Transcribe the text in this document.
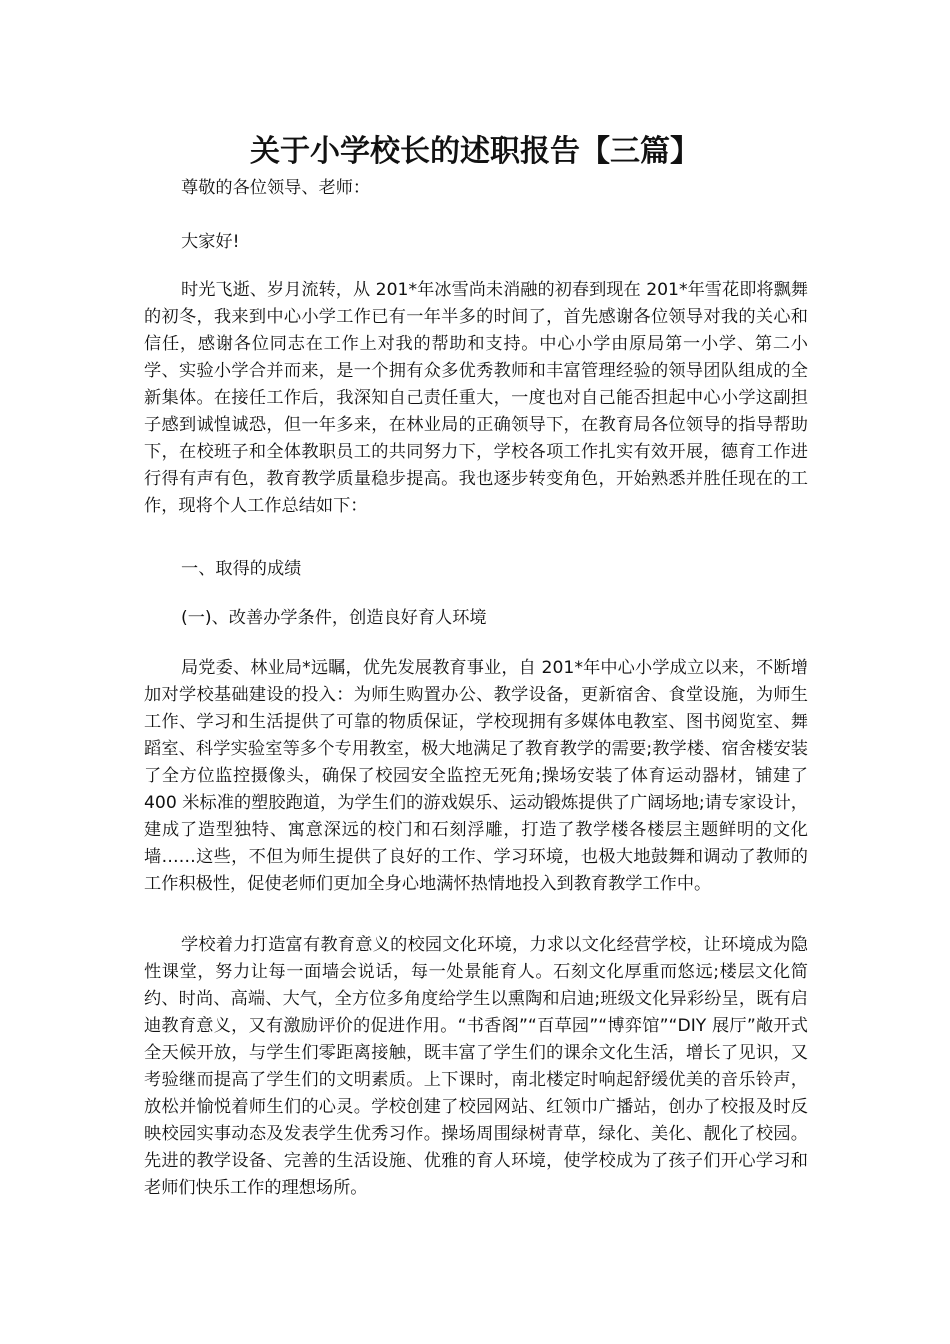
关于小学校长的述职报告【三篇】

尊敬的各位领导、老师：

大家好!

时光飞逝、岁月流转，从 201*年冰雪尚未消融的初春到现在 201*年雪花即将飘舞的初冬，我来到中心小学工作已有一年半多的时间了，首先感谢各位领导对我的关心和信任，感谢各位同志在工作上对我的帮助和支持。中心小学由原局第一小学、第二小学、实验小学合并而来，是一个拥有众多优秀教师和丰富管理经验的领导团队组成的全新集体。在接任工作后，我深知自己责任重大，一度也对自己能否担起中心小学这副担子感到诚惶诚恐，但一年多来，在林业局的正确领导下，在教育局各位领导的指导帮助下，在校班子和全体教职员工的共同努力下，学校各项工作扎实有效开展，德育工作进行得有声有色，教育教学质量稳步提高。我也逐步转变角色，开始熟悉并胜任现在的工作，现将个人工作总结如下：

一、取得的成绩

(一)、改善办学条件，创造良好育人环境

局党委、林业局*远瞩，优先发展教育事业，自 201*年中心小学成立以来，不断增加对学校基础建设的投入：为师生购置办公、教学设备，更新宿舍、食堂设施，为师生工作、学习和生活提供了可靠的物质保证，学校现拥有多媒体电教室、图书阅览室、舞蹈室、科学实验室等多个专用教室，极大地满足了教育教学的需要;教学楼、宿舍楼安装了全方位监控摄像头，确保了校园安全监控无死角;操场安装了体育运动器材，铺建了 400 米标准的塑胶跑道，为学生们的游戏娱乐、运动锻炼提供了广阔场地;请专家设计，建成了造型独特、寓意深远的校门和石刻浮雕，打造了教学楼各楼层主题鲜明的文化墙……这些，不但为师生提供了良好的工作、学习环境，也极大地鼓舞和调动了教师的工作积极性，促使老师们更加全身心地满怀热情地投入到教育教学工作中。

学校着力打造富有教育意义的校园文化环境，力求以文化经营学校，让环境成为隐性课堂，努力让每一面墙会说话，每一处景能育人。石刻文化厚重而悠远;楼层文化简约、时尚、高端、大气，全方位多角度给学生以熏陶和启迪;班级文化异彩纷呈，既有启迪教育意义，又有激励评价的促进作用。“书香阁”“百草园”“博弈馆”“DIY 展厅”敞开式全天候开放，与学生们零距离接触，既丰富了学生们的课余文化生活，增长了见识，又考验继而提高了学生们的文明素质。上下课时，南北楼定时响起舒缓优美的音乐铃声，放松并愉悦着师生们的心灵。学校创建了校园网站、红领巾广播站，创办了校报及时反映校园实事动态及发表学生优秀习作。操场周围绿树青草，绿化、美化、靓化了校园。先进的教学设备、完善的生活设施、优雅的育人环境，使学校成为了孩子们开心学习和老师们快乐工作的理想场所。
